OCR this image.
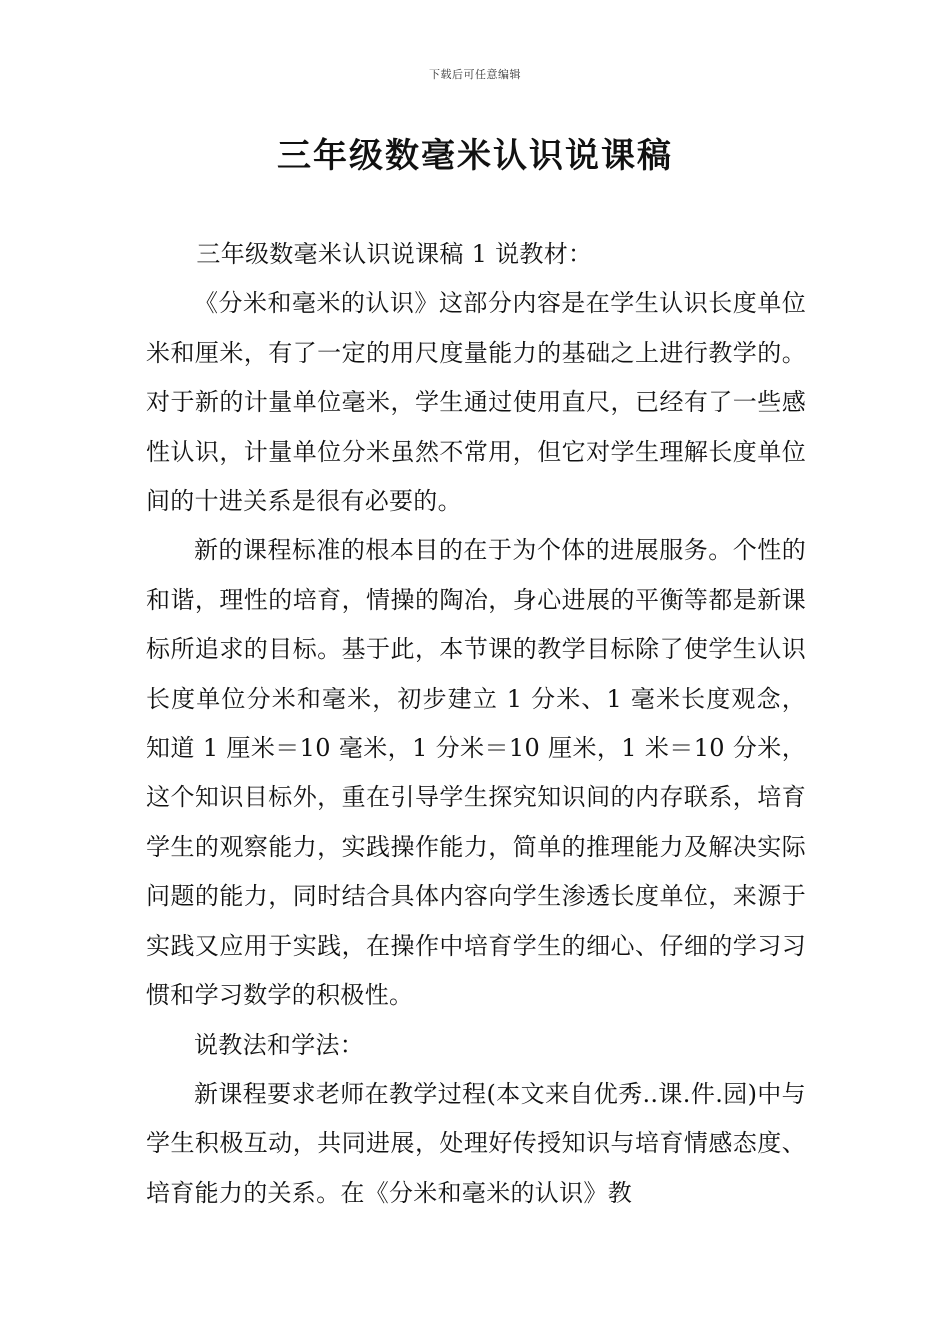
下载后可任意编辑
三年级数毫米认识说课稿

三年级数毫米认识说课稿 1 说教材：

《分米和毫米的认识》这部分内容是在学生认识长度单位米和厘米，有了一定的用尺度量能力的基础之上进行教学的。对于新的计量单位毫米，学生通过使用直尺，已经有了一些感性认识，计量单位分米虽然不常用，但它对学生理解长度单位间的十进关系是很有必要的。

新的课程标准的根本目的在于为个体的进展服务。个性的和谐，理性的培育，情操的陶冶，身心进展的平衡等都是新课标所追求的目标。基于此，本节课的教学目标除了使学生认识长度单位分米和毫米，初步建立 1 分米、1 毫米长度观念，知道 1 厘米＝10 毫米，1 分米＝10 厘米，1 米＝10 分米，这个知识目标外，重在引导学生探究知识间的内存联系，培育学生的观察能力，实践操作能力，简单的推理能力及解决实际问题的能力，同时结合具体内容向学生渗透长度单位，来源于实践又应用于实践，在操作中培育学生的细心、仔细的学习习惯和学习数学的积极性。

说教法和学法：

新课程要求老师在教学过程(本文来自优秀..课.件.园)中与学生积极互动，共同进展，处理好传授知识与培育情感态度、培育能力的关系。在《分米和毫米的认识》教
